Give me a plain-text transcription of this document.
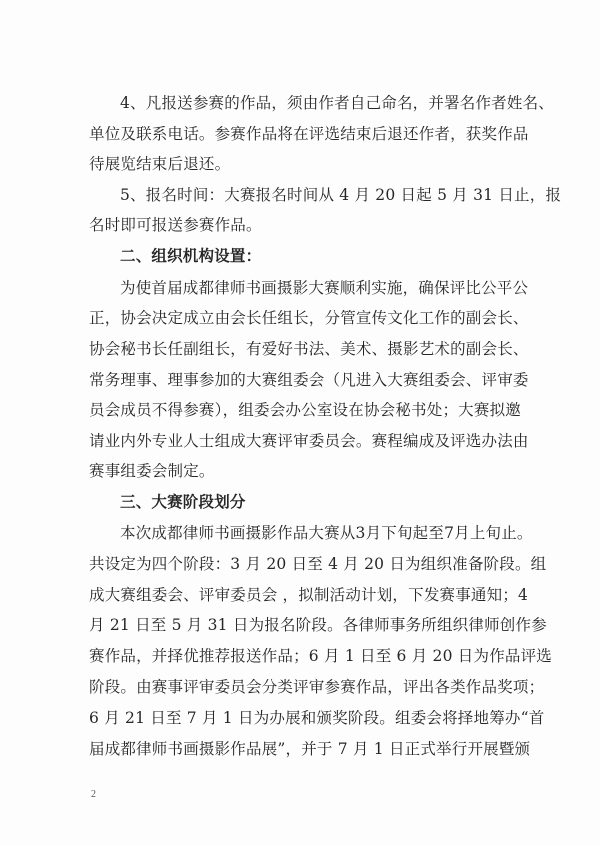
4、凡报送参赛的作品，须由作者自己命名，并署名作者姓名、
单位及联系电话。参赛作品将在评选结束后退还作者，获奖作品
待展览结束后退还。
5、报名时间：大赛报名时间从 4 月 20 日起 5 月 31 日止，报
名时即可报送参赛作品。
二、组织机构设置：
为使首届成都律师书画摄影大赛顺利实施，确保评比公平公
正，协会决定成立由会长任组长，分管宣传文化工作的副会长、
协会秘书长任副组长，有爱好书法、美术、摄影艺术的副会长、
常务理事、理事参加的大赛组委会（凡进入大赛组委会、评审委
员会成员不得参赛），组委会办公室设在协会秘书处；大赛拟邀
请业内外专业人士组成大赛评审委员会。赛程编成及评选办法由
赛事组委会制定。
三、大赛阶段划分
本次成都律师书画摄影作品大赛从3月下旬起至7月上旬止。
共设定为四个阶段：3 月 20 日至 4 月 20 日为组织准备阶段。组
成大赛组委会、评审委员会 ，拟制活动计划，下发赛事通知；4
月 21 日至 5 月 31 日为报名阶段。各律师事务所组织律师创作参
赛作品，并择优推荐报送作品；6 月 1 日至 6 月 20 日为作品评选
阶段。由赛事评审委员会分类评审参赛作品，评出各类作品奖项；
6 月 21 日至 7 月 1 日为办展和颁奖阶段。组委会将择地筹办“首
届成都律师书画摄影作品展”，并于 7 月 1 日正式举行开展暨颁
2
